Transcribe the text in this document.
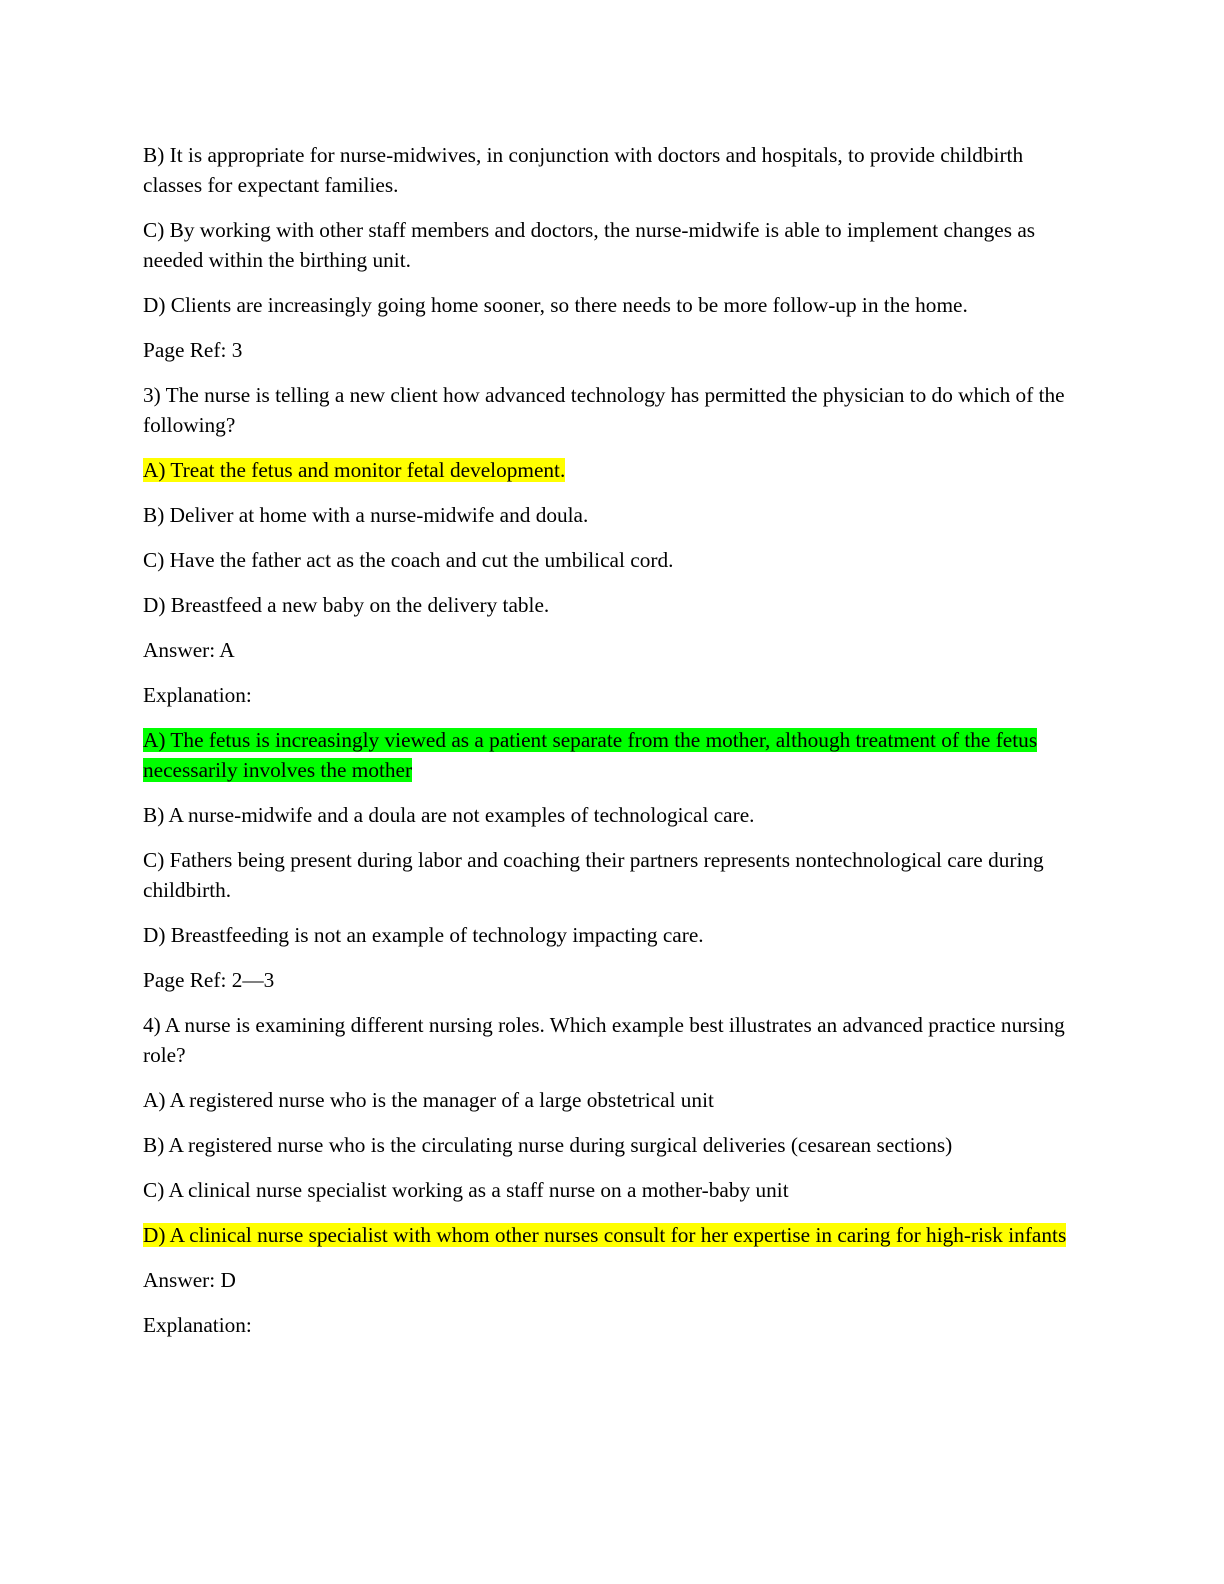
B) It is appropriate for nurse-midwives, in conjunction with doctors and hospitals, to provide childbirth classes for expectant families.

C) By working with other staff members and doctors, the nurse-midwife is able to implement changes as needed within the birthing unit.

D) Clients are increasingly going home sooner, so there needs to be more follow-up in the home.

Page Ref: 3

3) The nurse is telling a new client how advanced technology has permitted the physician to do which of the following?

A) Treat the fetus and monitor fetal development.

B) Deliver at home with a nurse-midwife and doula.

C) Have the father act as the coach and cut the umbilical cord.

D) Breastfeed a new baby on the delivery table.

Answer: A

Explanation:

A) The fetus is increasingly viewed as a patient separate from the mother, although treatment of the fetus necessarily involves the mother

B) A nurse-midwife and a doula are not examples of technological care.

C) Fathers being present during labor and coaching their partners represents nontechnological care during childbirth.

D) Breastfeeding is not an example of technology impacting care.

Page Ref: 2—3

4) A nurse is examining different nursing roles. Which example best illustrates an advanced practice nursing role?

A) A registered nurse who is the manager of a large obstetrical unit

B) A registered nurse who is the circulating nurse during surgical deliveries (cesarean sections)

C) A clinical nurse specialist working as a staff nurse on a mother-baby unit

D) A clinical nurse specialist with whom other nurses consult for her expertise in caring for high-risk infants

Answer: D

Explanation:
